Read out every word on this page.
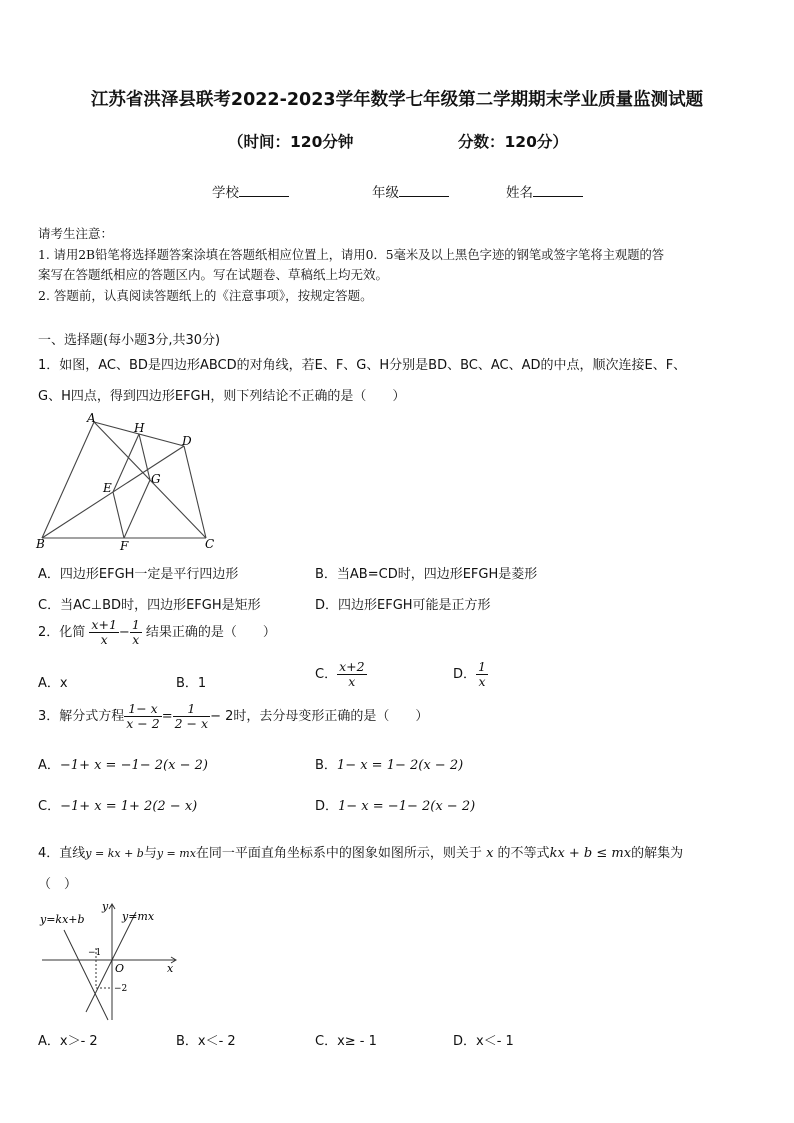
江苏省洪泽县联考2022-2023学年数学七年级第二学期期末学业质量监测试题
（时间：120分钟	分数：120分）
学校	年级	姓名
请考生注意：
1. 请用2B铅笔将选择题答案涂填在答题纸相应位置上，请用0．5毫米及以上黑色字迹的钢笔或签字笔将主观题的答
案写在答题纸相应的答题区内。写在试题卷、草稿纸上均无效。
2. 答题前，认真阅读答题纸上的《注意事项》，按规定答题。
一、选择题(每小题3分,共30分)
1．如图，AC、BD是四边形ABCD的对角线，若E、F、G、H分别是BD、BC、AC、AD的中点，顺次连接E、F、
G、H四点，得到四边形EFGH，则下列结论不正确的是（　　）
A
H
D
E
G
B	F	C
A．四边形EFGH一定是平行四边形	B．当AB=CD时，四边形EFGH是菱形
C．当AC⊥BD时，四边形EFGH是矩形	D．四边形EFGH可能是正方形
2．化简 $\frac{x+1}{x} - \frac{1}{x}$ 结果正确的是（　　）
A．x	B．1
C． $\frac{x+2}{x}$	D． $\frac{1}{x}$
3．解分式方程 $\frac{1- x}{x - 2} = \frac{1}{2 - x} - 2$时，去分母变形正确的是（　　）
A．−1+ x = −1− 2(x − 2)	B．1− x = 1− 2(x − 2)
C．−1+ x = 1+ 2(2 − x)	D．1− x = −1− 2(x − 2)
4．直线y = kx + b与y = mx在同一平面直角坐标系中的图象如图所示，则关于 x 的不等式kx + b ≤ mx的解集为
（　）
y=kx+b	y=mx
y
x
O
−1
−2
A．x＞- 2	B．x＜- 2	C．x≥ - 1	D．x＜- 1
